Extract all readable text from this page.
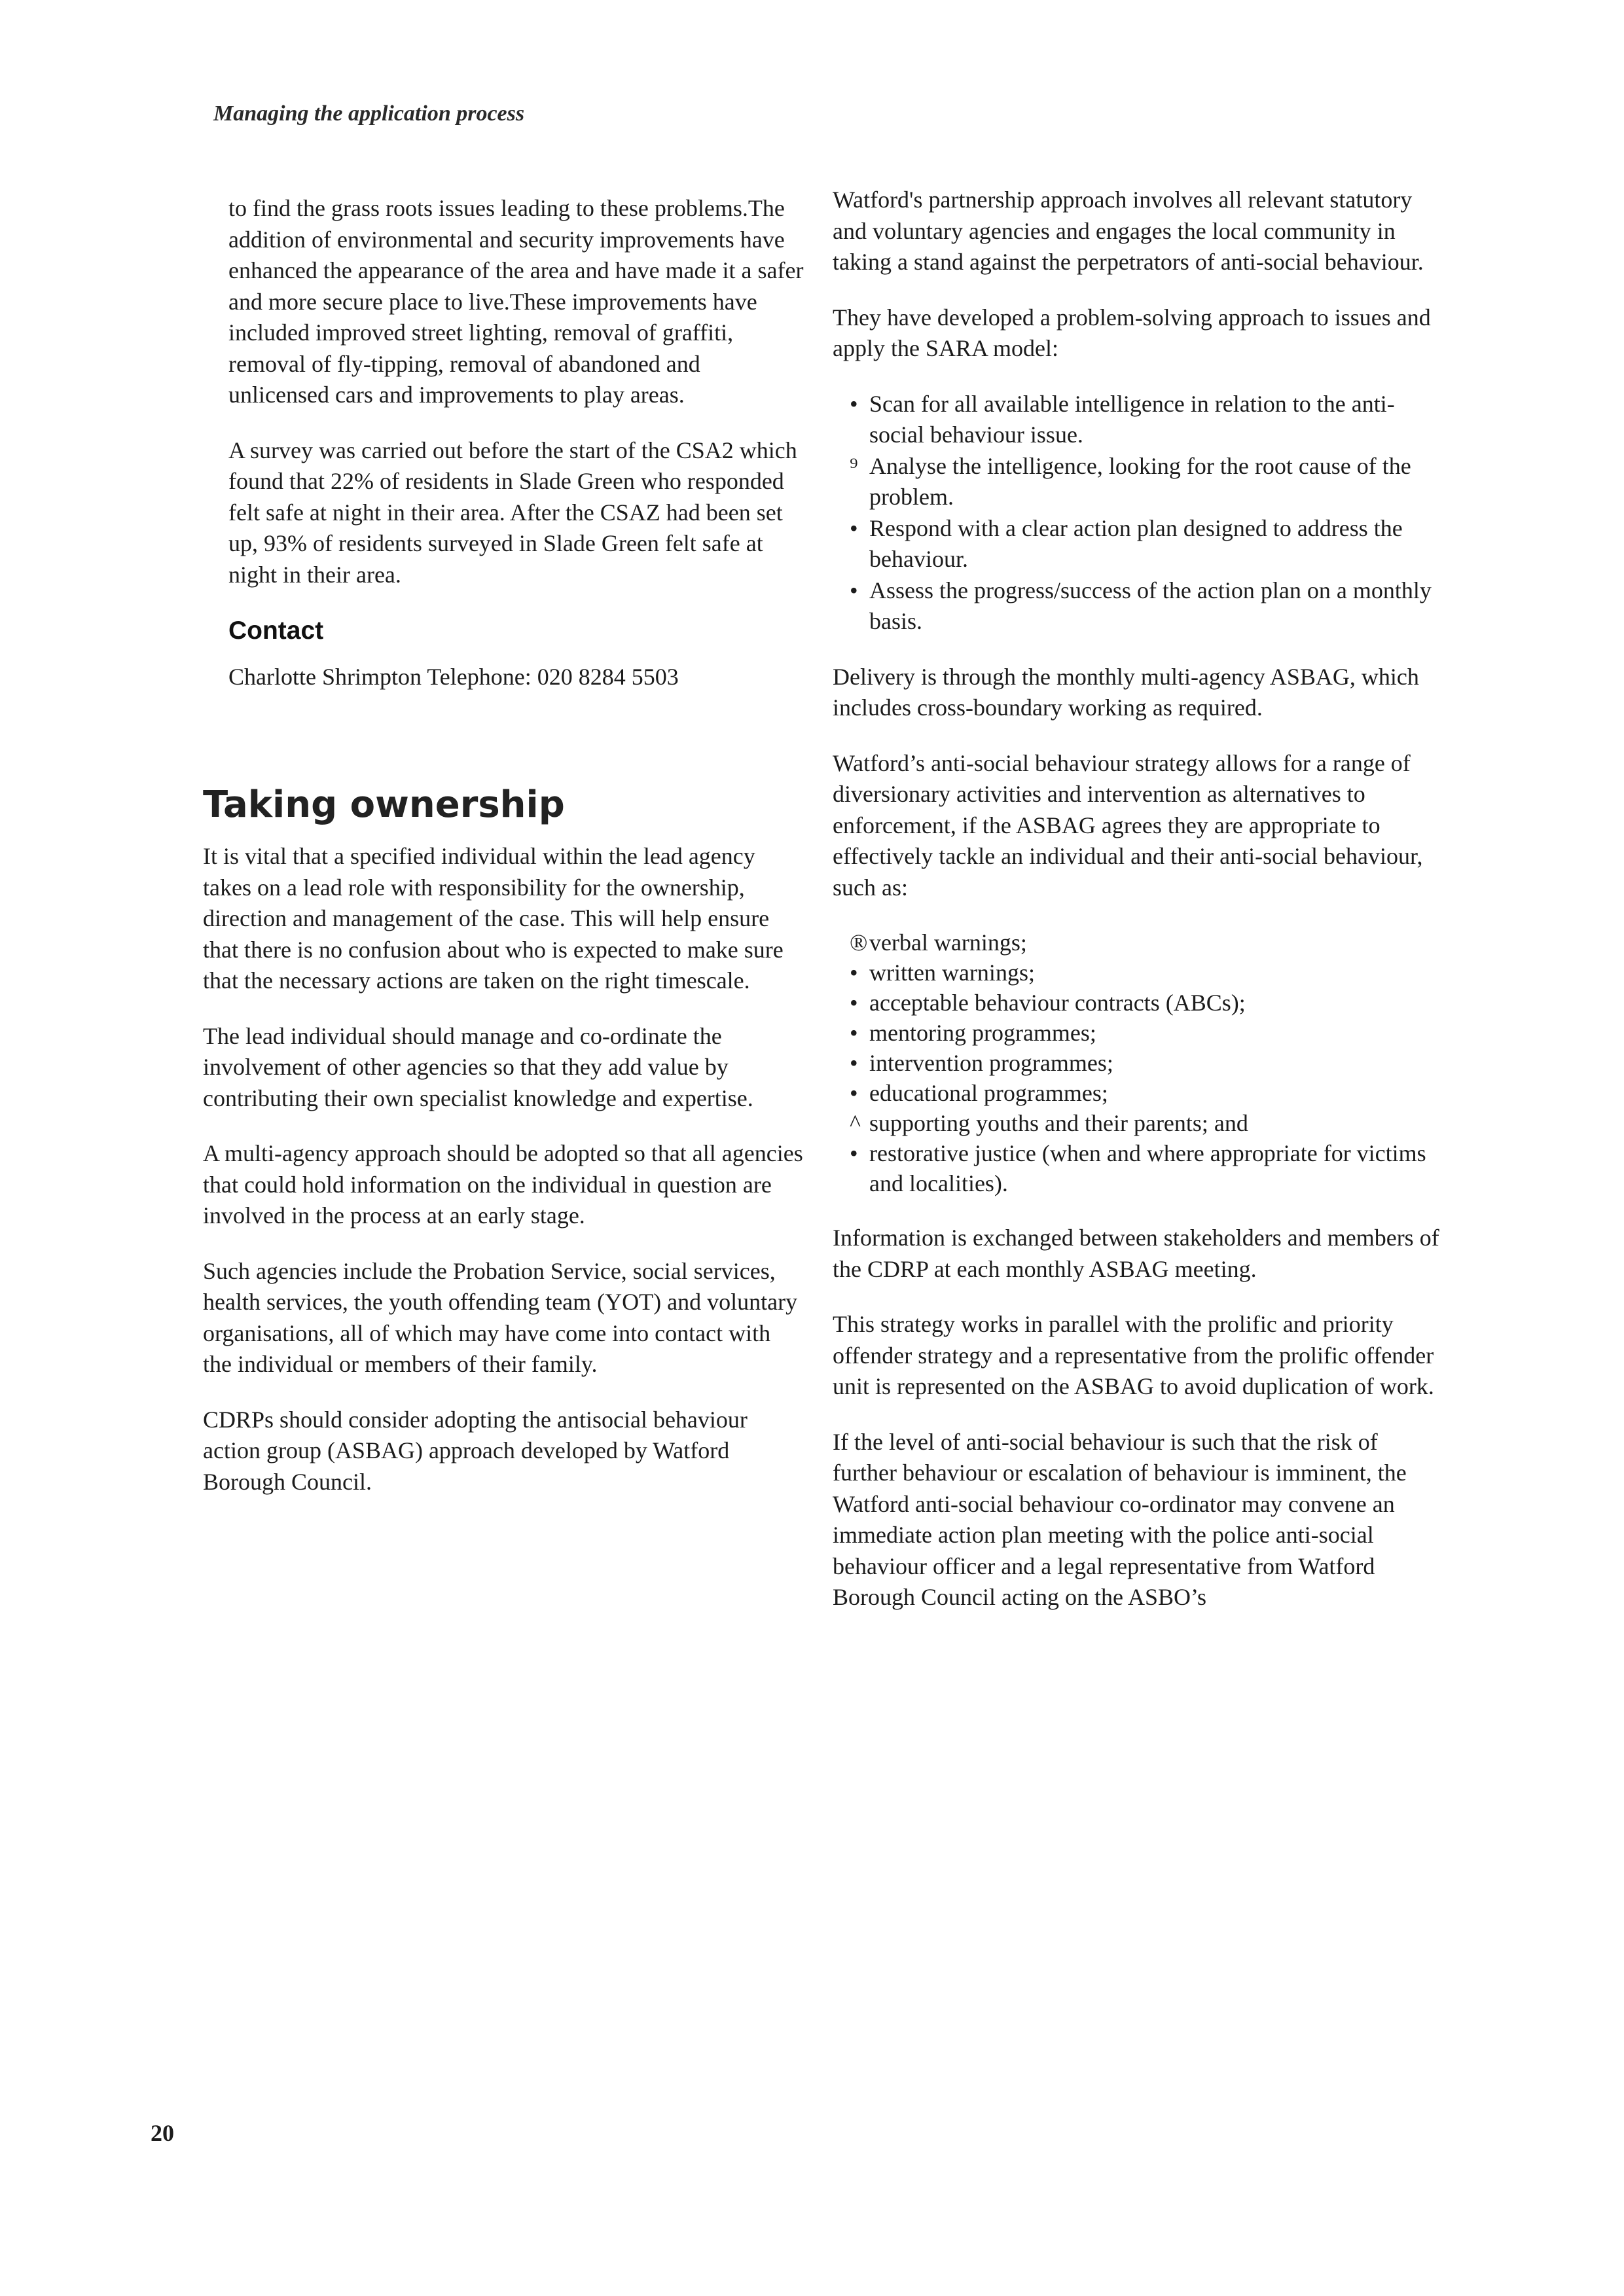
Managing the application process

to find the grass roots issues leading to these problems.The addition of environmental and security improvements have enhanced the appearance of the area and have made it a safer and more secure place to live.These improvements have included improved street lighting, removal of graffiti, removal of fly-tipping, removal of abandoned and unlicensed cars and improvements to play areas.

A survey was carried out before the start of the CSA2 which found that 22% of residents in Slade Green who responded felt safe at night in their area. After the CSAZ had been set up, 93% of residents surveyed in Slade Green felt safe at night in their area.

Contact

Charlotte Shrimpton Telephone: 020 8284 5503

Taking ownership

It is vital that a specified individual within the lead agency takes on a lead role with responsibility for the ownership, direction and management of the case. This will help ensure that there is no confusion about who is expected to make sure that the necessary actions are taken on the right timescale.

The lead individual should manage and co-ordinate the involvement of other agencies so that they add value by contributing their own specialist knowledge and expertise.

A multi-agency approach should be adopted so that all agencies that could hold information on the individual in question are involved in the process at an early stage.

Such agencies include the Probation Service, social services, health services, the youth offending team (YOT) and voluntary organisations, all of which may have come into contact with the individual or members of their family.

CDRPs should consider adopting the antisocial behaviour action group (ASBAG) approach developed by Watford Borough Council.

Watford's partnership approach involves all relevant statutory and voluntary agencies and engages the local community in taking a stand against the perpetrators of anti-social behaviour.

They have developed a problem-solving approach to issues and apply the SARA model:

• Scan for all available intelligence in relation to the anti-social behaviour issue.
⁹ Analyse the intelligence, looking for the root cause of the problem.
• Respond with a clear action plan designed to address the behaviour.
• Assess the progress/success of the action plan on a monthly basis.

Delivery is through the monthly multi-agency ASBAG, which includes cross-boundary working as required.

Watford’s anti-social behaviour strategy allows for a range of diversionary activities and intervention as alternatives to enforcement, if the ASBAG agrees they are appropriate to effectively tackle an individual and their anti-social behaviour, such as:

®verbal warnings;
• written warnings;
• acceptable behaviour contracts (ABCs);
• mentoring programmes;
• intervention programmes;
• educational programmes;
^ supporting youths and their parents; and
• restorative justice (when and where appropriate for victims and localities).

Information is exchanged between stakeholders and members of the CDRP at each monthly ASBAG meeting.

This strategy works in parallel with the prolific and priority offender strategy and a representative from the prolific offender unit is represented on the ASBAG to avoid duplication of work.

If the level of anti-social behaviour is such that the risk of further behaviour or escalation of behaviour is imminent, the Watford anti-social behaviour co-ordinator may convene an immediate action plan meeting with the police anti-social behaviour officer and a legal representative from Watford Borough Council acting on the ASBO’s

20
